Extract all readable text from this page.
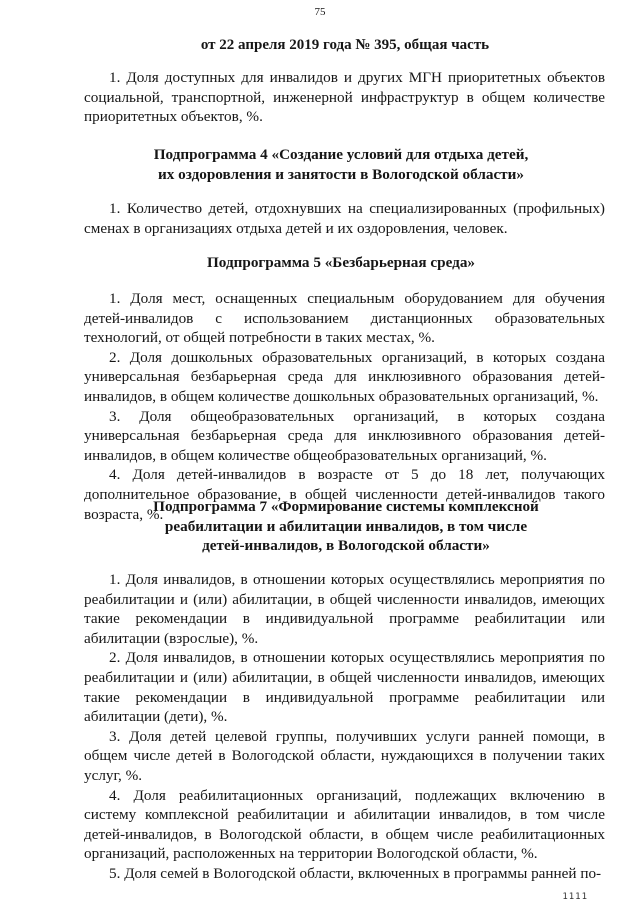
75
от 22 апреля 2019 года № 395, общая часть

1. Доля доступных для инвалидов и других МГН приоритетных объектов социальной, транспортной, инженерной инфраструктур в общем количестве приоритетных объектов, %.

Подпрограмма 4 «Создание условий для отдыха детей,
их оздоровления и занятости в Вологодской области»

1. Количество детей, отдохнувших на специализированных (профильных) сменах в организациях отдыха детей и их оздоровления, человек.

Подпрограмма 5 «Безбарьерная среда»

1. Доля мест, оснащенных специальным оборудованием для обучения детей-инвалидов с использованием дистанционных образовательных технологий, от общей потребности в таких местах, %.

2. Доля дошкольных образовательных организаций, в которых создана универсальная безбарьерная среда для инклюзивного образования детей-инвалидов, в общем количестве дошкольных образовательных организаций, %.

3. Доля общеобразовательных организаций, в которых создана универсальная безбарьерная среда для инклюзивного образования детей-инвалидов, в общем количестве общеобразовательных организаций, %.

4. Доля детей-инвалидов в возрасте от 5 до 18 лет, получающих дополнительное образование, в общей численности детей-инвалидов такого возраста, %.

Подпрограмма 7 «Формирование системы комплексной
реабилитации и абилитации инвалидов, в том числе
детей-инвалидов, в Вологодской области»

1. Доля инвалидов, в отношении которых осуществлялись мероприятия по реабилитации и (или) абилитации, в общей численности инвалидов, имеющих такие рекомендации в индивидуальной программе реабилитации или абилитации (взрослые), %.

2. Доля инвалидов, в отношении которых осуществлялись мероприятия по реабилитации и (или) абилитации, в общей численности инвалидов, имеющих такие рекомендации в индивидуальной программе реабилитации или абилитации (дети), %.

3. Доля детей целевой группы, получивших услуги ранней помощи, в общем числе детей в Вологодской области, нуждающихся в получении таких услуг, %.

4. Доля реабилитационных организаций, подлежащих включению в систему комплексной реабилитации и абилитации инвалидов, в том числе детей-инвалидов, в Вологодской области, в общем числе реабилитационных организаций, расположенных на территории Вологодской области, %.

5. Доля семей в Вологодской области, включенных в программы ранней по-

1111
